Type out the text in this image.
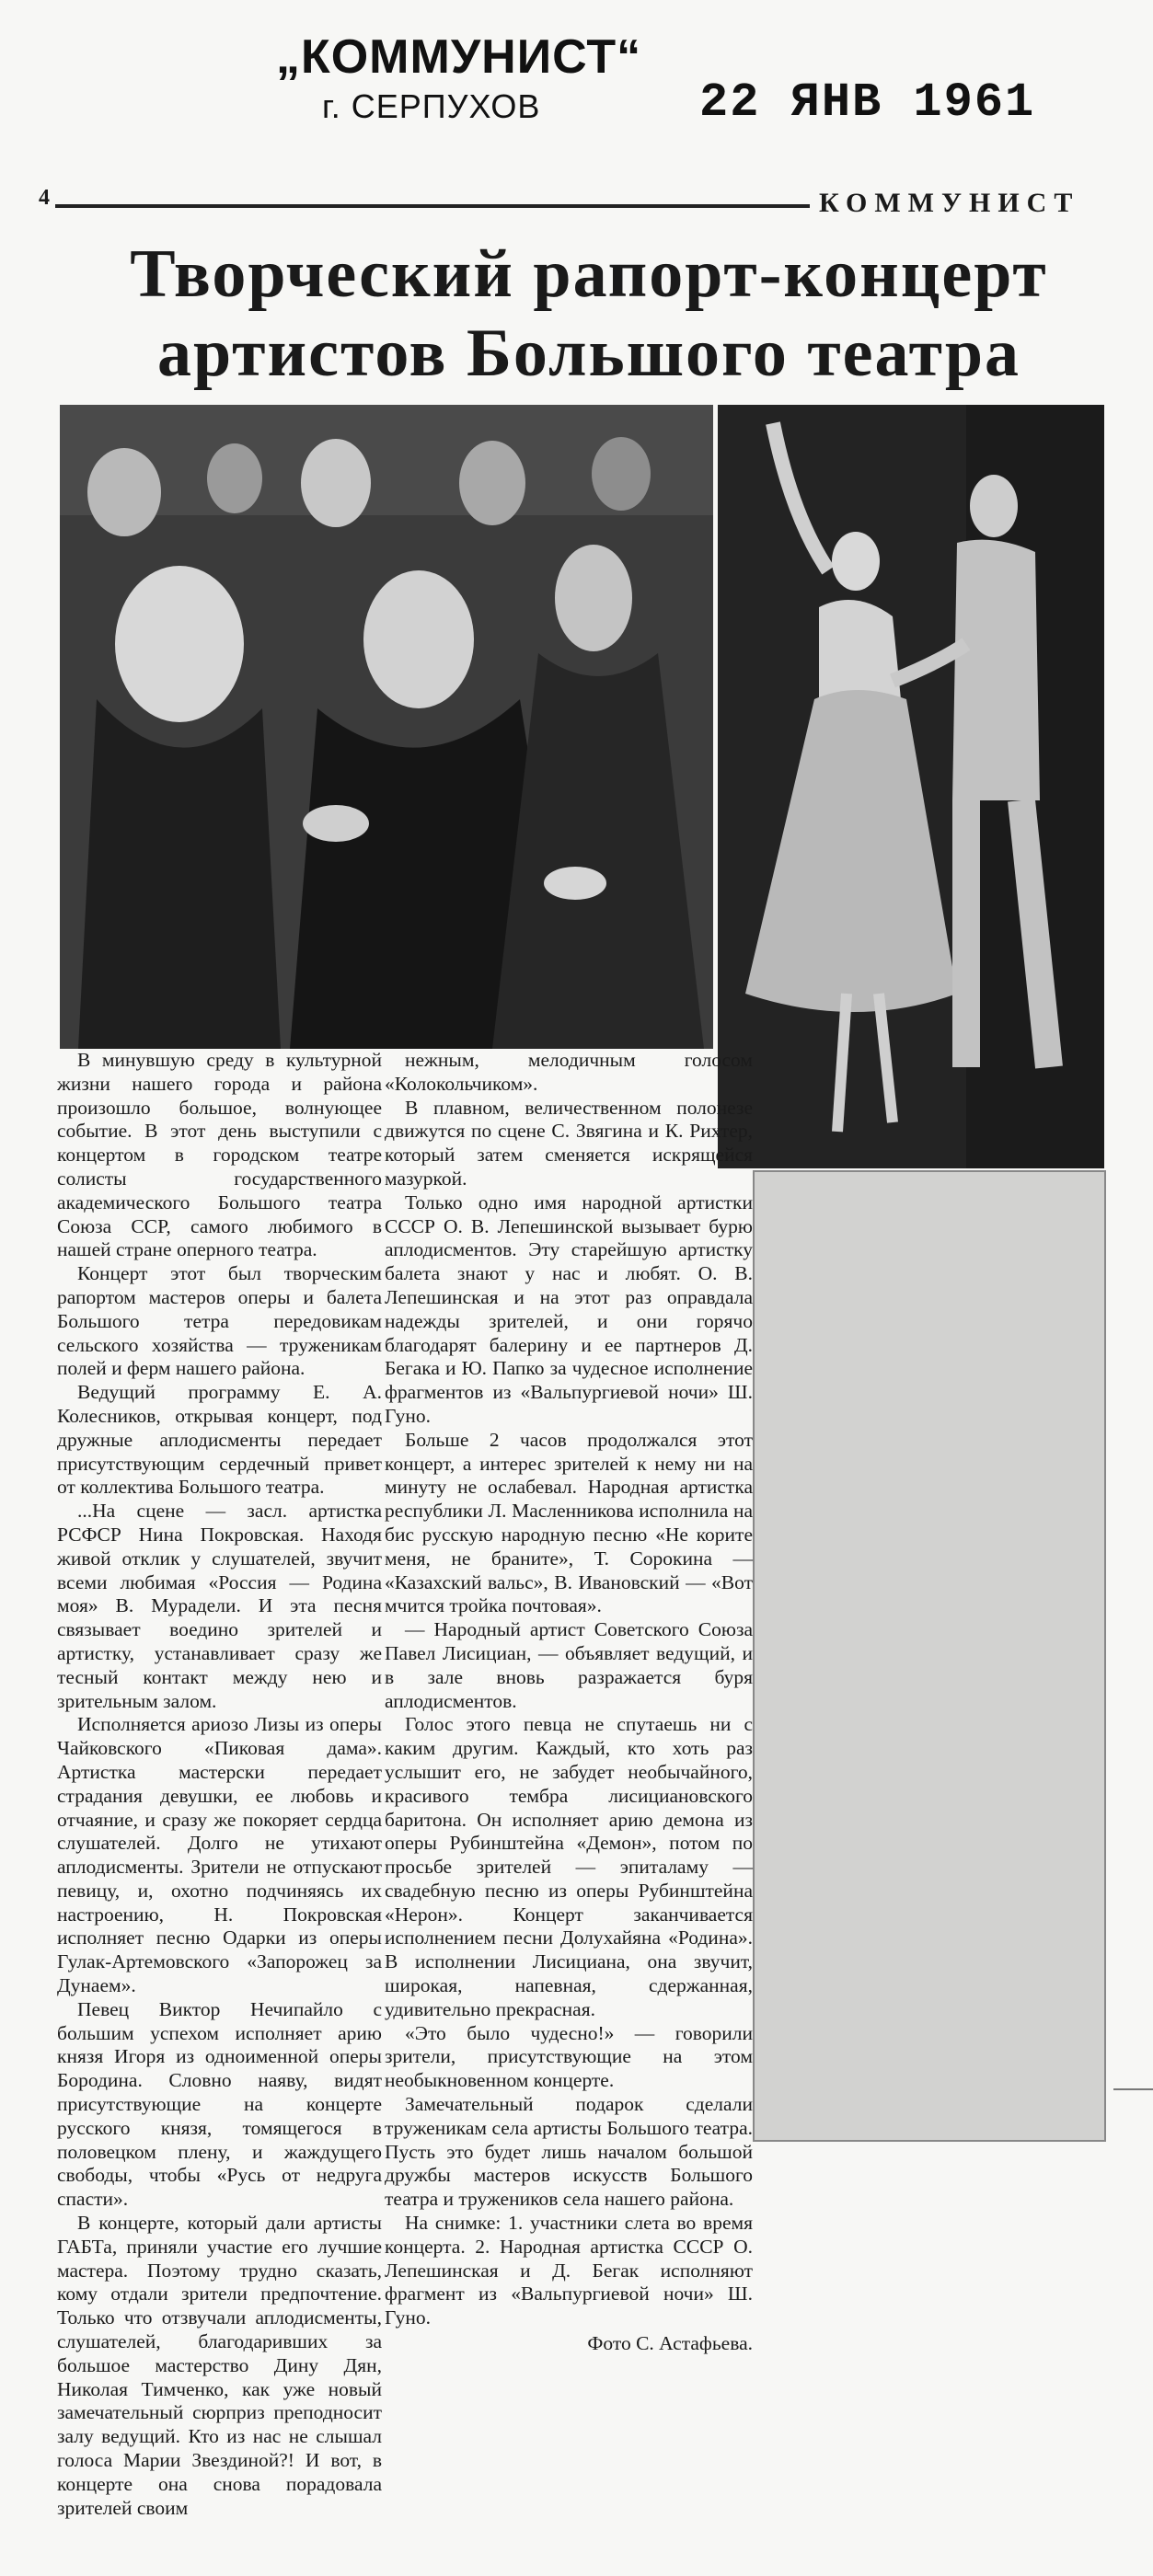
„КОММУНИСТ“
г. СЕРПУХОВ	22 ЯНВ 1961
4	КОММУНИСТ
Творческий рапорт-концерт артистов Большого театра

В минувшую среду в культурной жизни нашего города и района произошло большое, волнующее событие. В этот день выступили с концертом в городском театре солисты государственного академического Большого театра Союза ССР, самого любимого в нашей стране оперного театра.

Концерт этот был творческим рапортом мастеров оперы и балета Большого тетра передовикам сельского хозяйства — труженикам полей и ферм нашего района.

Ведущий программу Е. А. Колесников, открывая концерт, под дружные аплодисменты передает присутствующим сердечный привет от коллектива Большого театра.

...На сцене — засл. артистка РСФСР Нина Покровская. Находя живой отклик у слушателей, звучит всеми любимая «Россия — Родина моя» В. Мурадели. И эта песня связывает воедино зрителей и артистку, устанавливает сразу же тесный контакт между нею и зрительным залом.

Исполняется ариозо Лизы из оперы Чайковского «Пиковая дама». Артистка мастерски передает страдания девушки, ее любовь и отчаяние, и сразу же покоряет сердца слушателей. Долго не утихают аплодисменты. Зрители не отпускают певицу, и, охотно подчиняясь их настроению, Н. Покровская исполняет песню Одарки из оперы Гулак-Артемовского «Запорожец за Дунаем».

Певец Виктор Нечипайло с большим успехом исполняет арию князя Игоря из одноименной оперы Бородина. Словно наяву, видят присутствующие на концерте русского князя, томящегося в половецком плену, и жаждущего свободы, чтобы «Русь от недруга спасти».

В концерте, который дали артисты ГАБТа, приняли участие его лучшие мастера. Поэтому трудно сказать, кому отдали зрители предпочтение. Только что отзвучали аплодисменты, слушателей, благодаривших за большое мастерство Дину Дян, Николая Тимченко, как уже новый замечательный сюрприз преподносит залу ведущий. Кто из нас не слышал голоса Марии Звездиной?! И вот, в концерте она снова порадовала зрителей своим

нежным, мелодичным голосом «Колокольчиком».

В плавном, величественном полонезе движутся по сцене С. Звягина и К. Рихтер, который затем сменяется искрящейся мазуркой.

Только одно имя народной артистки СССР О. В. Лепешинской вызывает бурю аплодисментов. Эту старейшую артистку балета знают у нас и любят. О. В. Лепешинская и на этот раз оправдала надежды зрителей, и они горячо благодарят балерину и ее партнеров Д. Бегака и Ю. Папко за чудесное исполнение фрагментов из «Вальпургиевой ночи» Ш. Гуно.

Больше 2 часов продолжался этот концерт, а интерес зрителей к нему ни на минуту не ослабевал. Народная артистка республики Л. Масленникова исполнила на бис русскую народную песню «Не корите меня, не браните», Т. Сорокина — «Казахский вальс», В. Ивановский — «Вот мчится тройка почтовая».

— Народный артист Советского Союза Павел Лисициан, — объявляет ведущий, и в зале вновь разражается буря аплодисментов.

Голос этого певца не спутаешь ни с каким другим. Каждый, кто хоть раз услышит его, не забудет необычайного, красивого тембра лисициановского баритона. Он исполняет арию демона из оперы Рубинштейна «Демон», потом по просьбе зрителей — эпиталаму — свадебную песню из оперы Рубинштейна «Нерон». Концерт заканчивается исполнением песни Долухайяна «Родина». В исполнении Лисициана, она звучит, широкая, напевная, сдержанная, удивительно прекрасная.

«Это было чудесно!» — говорили зрители, присутствующие на этом необыкновенном концерте.

Замечательный подарок сделали труженикам села артисты Большого театра. Пусть это будет лишь началом большой дружбы мастеров искусств Большого театра и тружеников села нашего района.

На снимке: 1. участники слета во время концерта. 2. Народная артистка СССР О. Лепешинская и Д. Бегак исполняют фрагмент из «Вальпургиевой ночи» Ш. Гуно.

Фото С. Астафьева.
